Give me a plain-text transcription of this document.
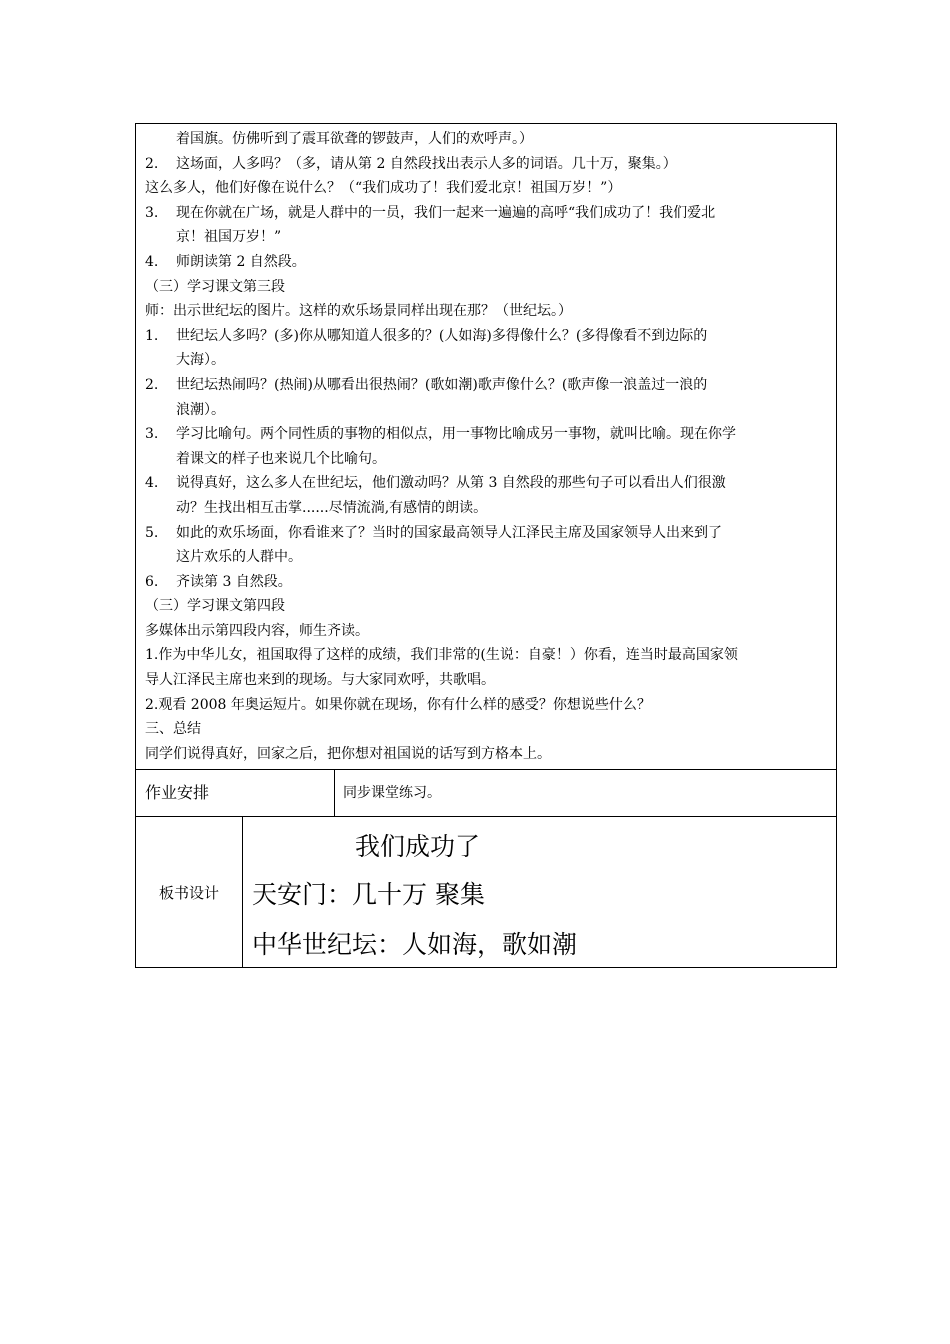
着国旗。仿佛听到了震耳欲聋的锣鼓声，人们的欢呼声。）
2. 这场面，人多吗？（多，请从第 2 自然段找出表示人多的词语。几十万，聚集。）
这么多人，他们好像在说什么？（“我们成功了！我们爱北京！祖国万岁！”）
3. 现在你就在广场，就是人群中的一员，我们一起来一遍遍的高呼“我们成功了！我们爱北
京！祖国万岁！”
4. 师朗读第 2 自然段。
（三）学习课文第三段
师：出示世纪坛的图片。这样的欢乐场景同样出现在那？（世纪坛。）
1. 世纪坛人多吗？(多)你从哪知道人很多的？(人如海)多得像什么？(多得像看不到边际的
大海）。
2. 世纪坛热闹吗？(热闹)从哪看出很热闹？(歌如潮)歌声像什么？(歌声像一浪盖过一浪的
浪潮）。
3. 学习比喻句。两个同性质的事物的相似点，用一事物比喻成另一事物，就叫比喻。现在你学
着课文的样子也来说几个比喻句。
4. 说得真好，这么多人在世纪坛，他们激动吗？从第 3 自然段的那些句子可以看出人们很激
动？生找出相互击掌......尽情流淌,有感情的朗读。
5. 如此的欢乐场面，你看谁来了？当时的国家最高领导人江泽民主席及国家领导人出来到了
这片欢乐的人群中。
6. 齐读第 3 自然段。
（三）学习课文第四段
多媒体出示第四段内容，师生齐读。
1.作为中华儿女，祖国取得了这样的成绩，我们非常的(生说：自豪！）你看，连当时最高国家领
导人江泽民主席也来到的现场。与大家同欢呼，共歌唱。
2.观看 2008 年奥运短片。如果你就在现场，你有什么样的感受？你想说些什么？
三、总结
同学们说得真好，回家之后，把你想对祖国说的话写到方格本上。
作业安排	同步课堂练习。
板书设计
我们成功了
天安门：几十万 聚集
中华世纪坛：人如海，歌如潮
